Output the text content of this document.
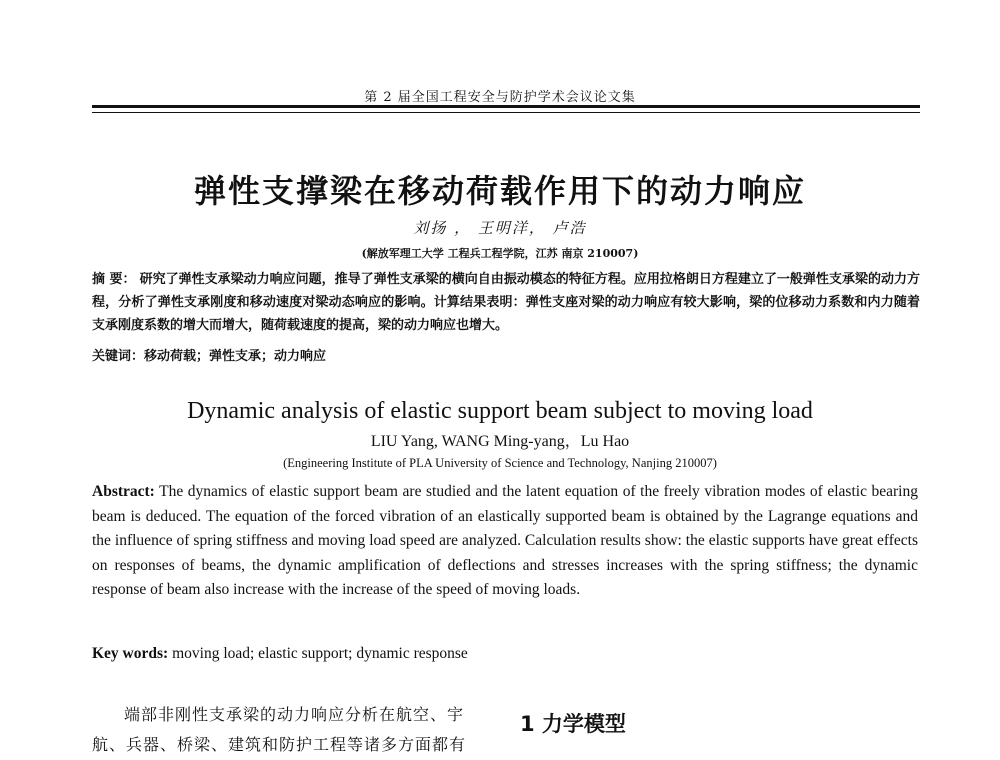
第 2 届全国工程安全与防护学术会议论文集
弹性支撑梁在移动荷载作用下的动力响应
刘扬 ， 王明洋， 卢浩
(解放军理工大学 工程兵工程学院，江苏 南京 210007)
摘 要： 研究了弹性支承梁动力响应问题，推导了弹性支承梁的横向自由振动模态的特征方程。应用拉格朗日方程建立了一般弹性支承梁的动力方程，分析了弹性支承刚度和移动速度对梁动态响应的影响。计算结果表明：弹性支座对梁的动力响应有较大影响，梁的位移动力系数和内力随着支承刚度系数的增大而增大，随荷载速度的提高，梁的动力响应也增大。
关键词：移动荷载；弹性支承；动力响应
Dynamic analysis of elastic support beam subject to moving load
LIU Yang, WANG Ming-yang，Lu Hao
(Engineering Institute of PLA University of Science and Technology, Nanjing 210007)
Abstract: The dynamics of elastic support beam are studied and the latent equation of the freely vibration modes of elastic bearing beam is deduced. The equation of the forced vibration of an elastically supported beam is obtained by the Lagrange equations and the influence of spring stiffness and moving load speed are analyzed. Calculation results show: the elastic supports have great effects on responses of beams, the dynamic amplification of deflections and stresses increases with the spring stiffness; the dynamic response of beam also increase with the increase of the speed of moving loads.
Key words: moving load; elastic support; dynamic response
端部非刚性支承梁的动力响应分析在航空、宇航、兵器、桥梁、建筑和防护工程等诸多方面都有
1 力学模型
